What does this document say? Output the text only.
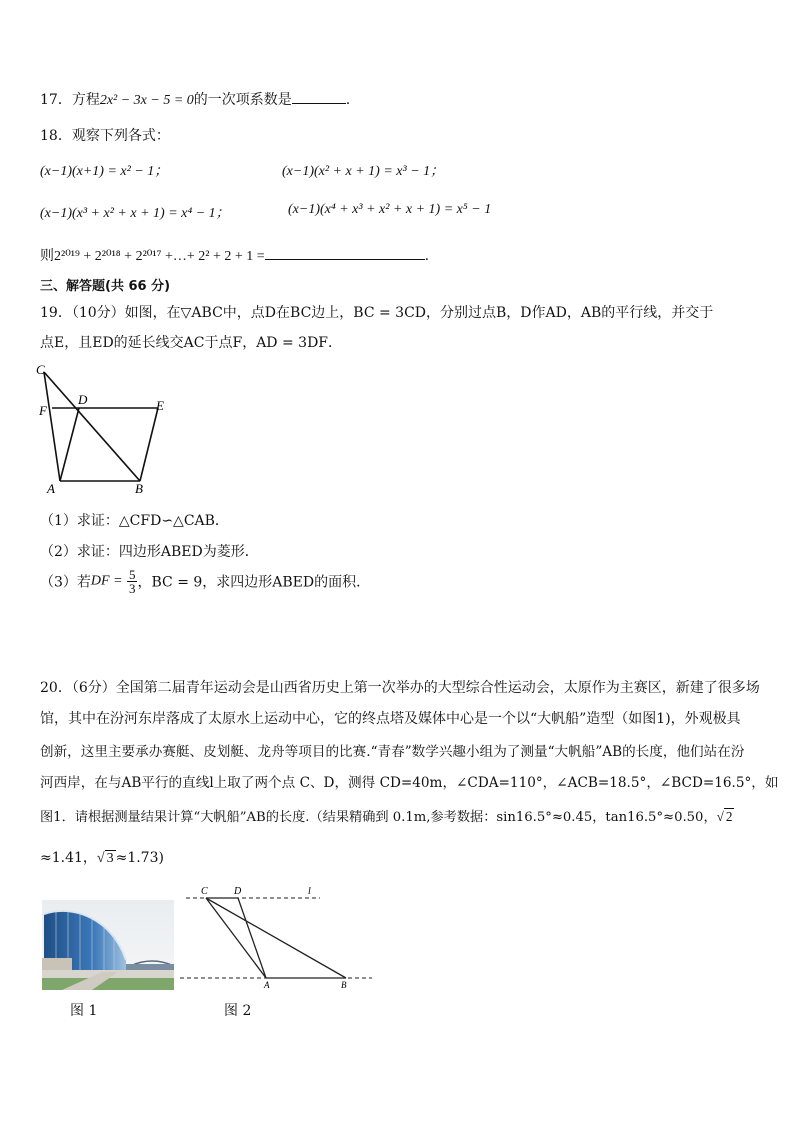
17．方程2x² − 3x − 5 = 0的一次项系数是	.
18．观察下列各式：
(x−1)(x+1) = x² − 1；	(x−1)(x² + x + 1) = x³ − 1；
(x−1)(x³ + x² + x + 1) = x⁴ − 1；	(x−1)(x⁴ + x³ + x² + x + 1) = x⁵ − 1
则2²⁰¹⁹ + 2²⁰¹⁸ + 2²⁰¹⁷ +…+ 2² + 2 + 1 =	.
三、解答题(共 66 分)
19．（10分）如图，在▽ABC中，点D在BC边上，BC = 3CD，分别过点B，D作AD，AB的平行线，并交于
点E，且ED的延长线交AC于点F，AD = 3DF．
C
D	E
F
A	B
（1）求证：△CFD∽△CAB．
（2）求证：四边形ABED为菱形．
（3）若DF = $\frac{5}{3}$ ，BC = 9，求四边形ABED的面积．
20．（6分）全国第二届青年运动会是山西省历史上第一次举办的大型综合性运动会，太原作为主赛区，新建了很多场
馆，其中在汾河东岸落成了太原水上运动中心，它的终点塔及媒体中心是一个以“大帆船”造型（如图1)，外观极具
创新，这里主要承办赛艇、皮划艇、龙舟等项目的比赛.“青春”数学兴趣小组为了测量“大帆船”AB的长度，他们站在汾
河西岸，在与AB平行的直线l上取了两个点 C、D，测得 CD=40m，∠CDA=110°，∠ACB=18.5°，∠BCD=16.5°，如
图1．请根据测量结果计算“大帆船”AB的长度.（结果精确到 0.1m,参考数据：sin16.5°≈0.45，tan16.5°≈0.50，√ 2
≈1.41，√ 3 ≈1.73)
图 1
C	D	l
A	B
图 2
